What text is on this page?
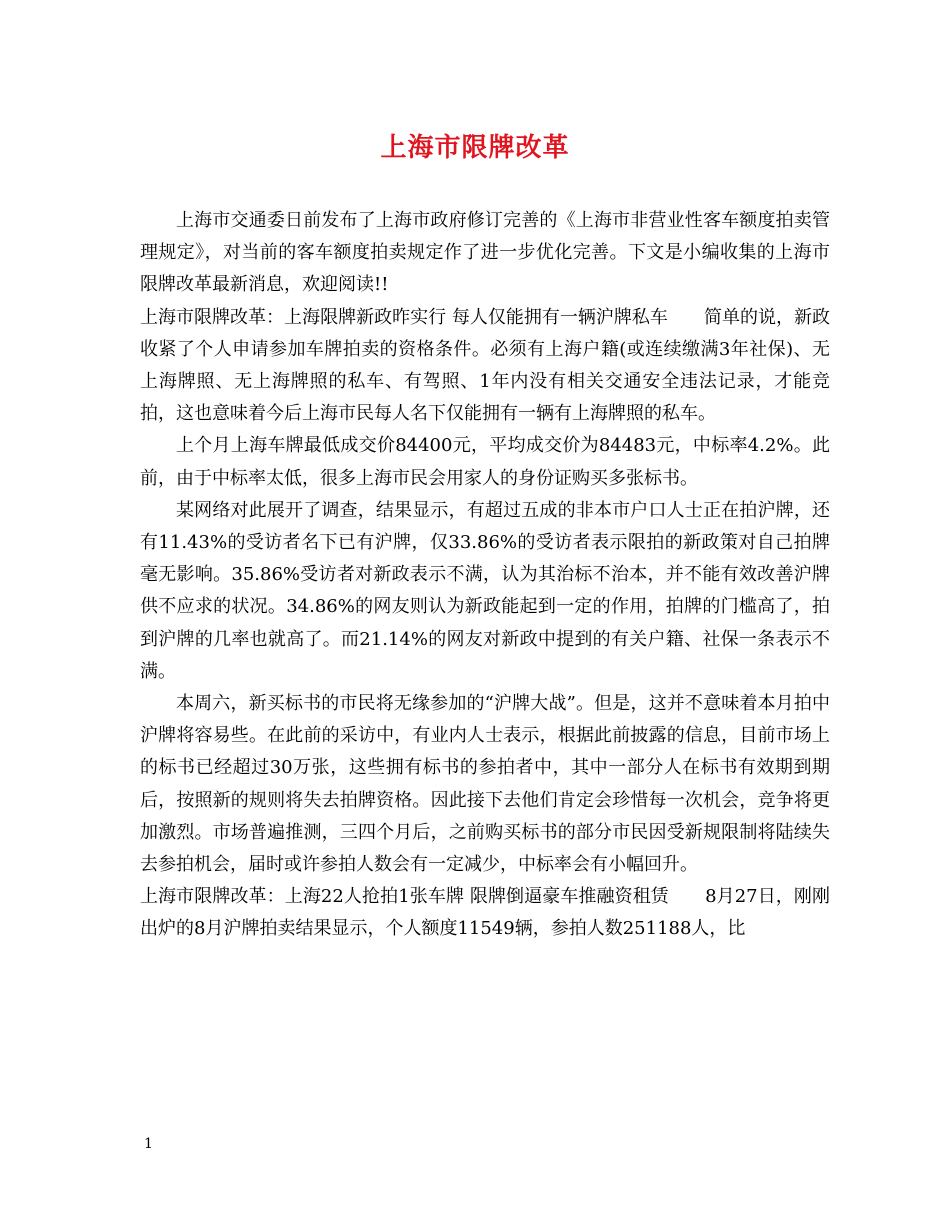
上海市限牌改革

上海市交通委日前发布了上海市政府修订完善的《上海市非营业性客车额度拍卖管理规定》，对当前的客车额度拍卖规定作了进一步优化完善。下文是小编收集的上海市限牌改革最新消息，欢迎阅读!!

上海市限牌改革：上海限牌新政昨实行 每人仅能拥有一辆沪牌私车　　简单的说，新政收紧了个人申请参加车牌拍卖的资格条件。必须有上海户籍(或连续缴满3年社保)、无上海牌照、无上海牌照的私车、有驾照、1年内没有相关交通安全违法记录，才能竞拍，这也意味着今后上海市民每人名下仅能拥有一辆有上海牌照的私车。

上个月上海车牌最低成交价84400元，平均成交价为84483元，中标率4.2%。此前，由于中标率太低，很多上海市民会用家人的身份证购买多张标书。

某网络对此展开了调查，结果显示，有超过五成的非本市户口人士正在拍沪牌，还有11.43%的受访者名下已有沪牌，仅33.86%的受访者表示限拍的新政策对自己拍牌毫无影响。35.86%受访者对新政表示不满，认为其治标不治本，并不能有效改善沪牌供不应求的状况。34.86%的网友则认为新政能起到一定的作用，拍牌的门槛高了，拍到沪牌的几率也就高了。而21.14%的网友对新政中提到的有关户籍、社保一条表示不满。

本周六，新买标书的市民将无缘参加的“沪牌大战”。但是，这并不意味着本月拍中沪牌将容易些。在此前的采访中，有业内人士表示，根据此前披露的信息，目前市场上的标书已经超过30万张，这些拥有标书的参拍者中，其中一部分人在标书有效期到期后，按照新的规则将失去拍牌资格。因此接下去他们肯定会珍惜每一次机会，竞争将更加激烈。市场普遍推测，三四个月后，之前购买标书的部分市民因受新规限制将陆续失去参拍机会，届时或许参拍人数会有一定减少，中标率会有小幅回升。

上海市限牌改革：上海22人抢拍1张车牌 限牌倒逼豪车推融资租赁　　8月27日，刚刚出炉的8月沪牌拍卖结果显示，个人额度11549辆，参拍人数251188人，比

1
